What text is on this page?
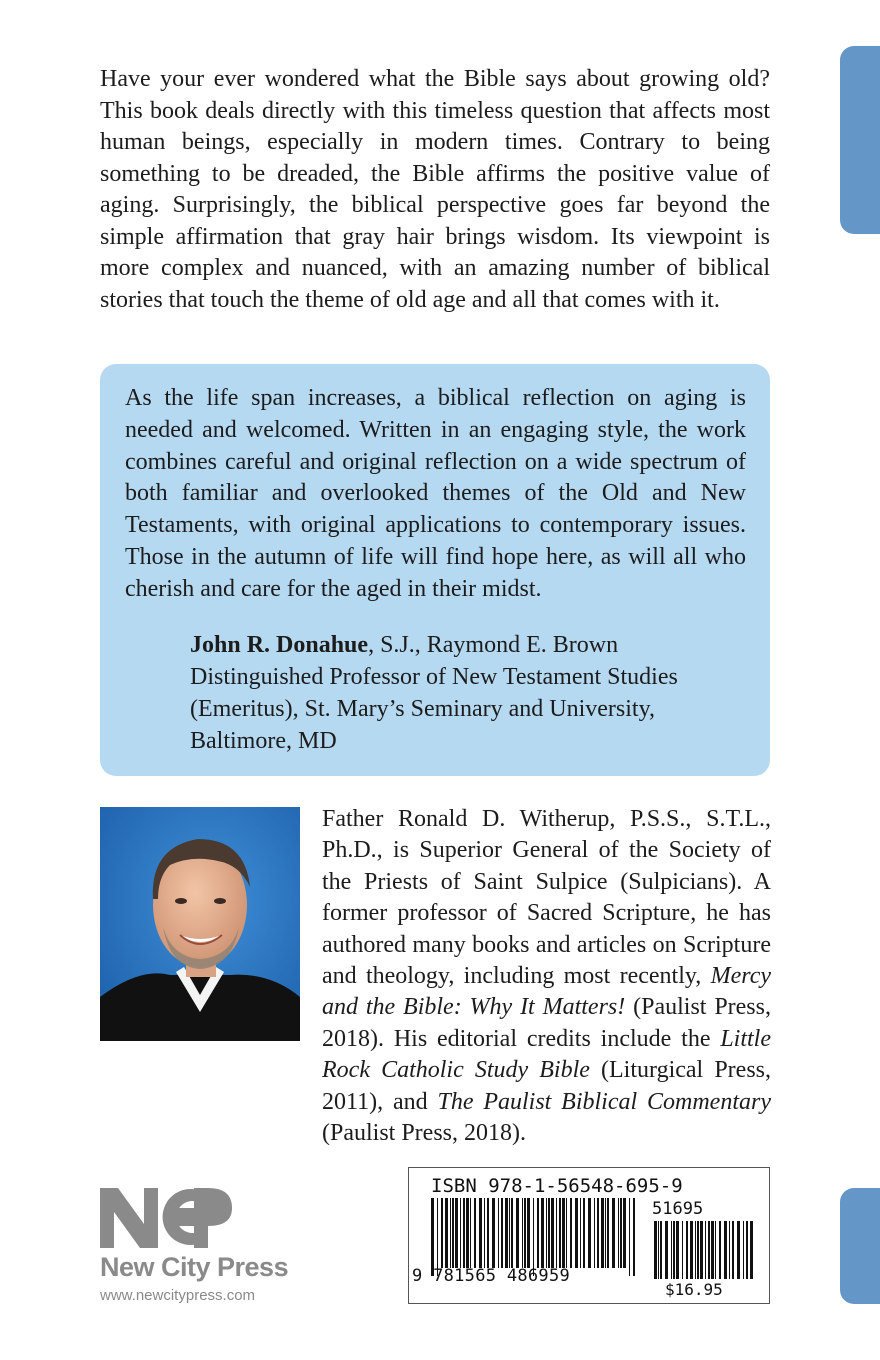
Have your ever wondered what the Bible says about growing old? This book deals directly with this timeless question that affects most human beings, especially in modern times. Contrary to being something to be dreaded, the Bible affirms the positive value of aging. Surprisingly, the biblical perspective goes far beyond the simple affirmation that gray hair brings wisdom. Its viewpoint is more complex and nuanced, with an amazing number of biblical stories that touch the theme of old age and all that comes with it.

As the life span increases, a biblical reflection on aging is needed and welcomed. Written in an engaging style, the work combines careful and original reflection on a wide spectrum of both familiar and overlooked themes of the Old and New Testaments, with original applications to contemporary issues. Those in the autumn of life will find hope here, as will all who cherish and care for the aged in their midst.

John R. Donahue, S.J., Raymond E. Brown
Distinguished Professor of New Testament Studies
(Emeritus), St. Mary’s Seminary and University,
Baltimore, MD

Father Ronald D. Witherup, P.S.S., S.T.L., Ph.D., is Superior General of the Society of the Priests of Saint Sulpice (Sulpicians). A former professor of Sacred Scripture, he has authored many books and articles on Scripture and theology, including most recently, Mercy and the Bible: Why It Matters! (Paulist Press, 2018). His editorial credits include the Little Rock Catholic Study Bible (Liturgical Press, 2011), and The Paulist Biblical Commentary (Paulist Press, 2018).

New City Press
www.newcitypress.com
ISBN 978-1-56548-695-9
51695
9 781565 486959
$16.95
